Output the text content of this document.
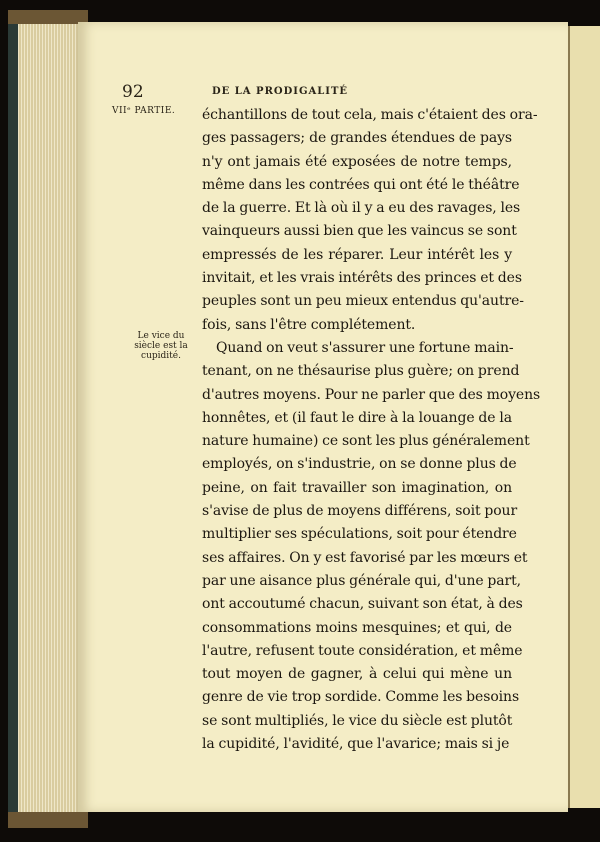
92	DE LA PRODIGALITÉ
VIIᵉ PARTIE.
Le vice du
siècle est la
cupidité.
échantillons de tout cela, mais c'étaient des ora-
ges passagers; de grandes étendues de pays
n'y ont jamais été exposées de notre temps,
même dans les contrées qui ont été le théâtre
de la guerre. Et là où il y a eu des ravages, les
vainqueurs aussi bien que les vaincus se sont
empressés de les réparer. Leur intérêt les y
invitait, et les vrais intérêts des princes et des
peuples sont un peu mieux entendus qu'autre-
fois, sans l'être complétement.
Quand on veut s'assurer une fortune main-
tenant, on ne thésaurise plus guère; on prend
d'autres moyens. Pour ne parler que des moyens
honnêtes, et (il faut le dire à la louange de la
nature humaine) ce sont les plus généralement
employés, on s'industrie, on se donne plus de
peine, on fait travailler son imagination, on
s'avise de plus de moyens différens, soit pour
multiplier ses spéculations, soit pour étendre
ses affaires. On y est favorisé par les mœurs et
par une aisance plus générale qui, d'une part,
ont accoutumé chacun, suivant son état, à des
consommations moins mesquines; et qui, de
l'autre, refusent toute considération, et même
tout moyen de gagner, à celui qui mène un
genre de vie trop sordide. Comme les besoins
se sont multipliés, le vice du siècle est plutôt
la cupidité, l'avidité, que l'avarice; mais si je
